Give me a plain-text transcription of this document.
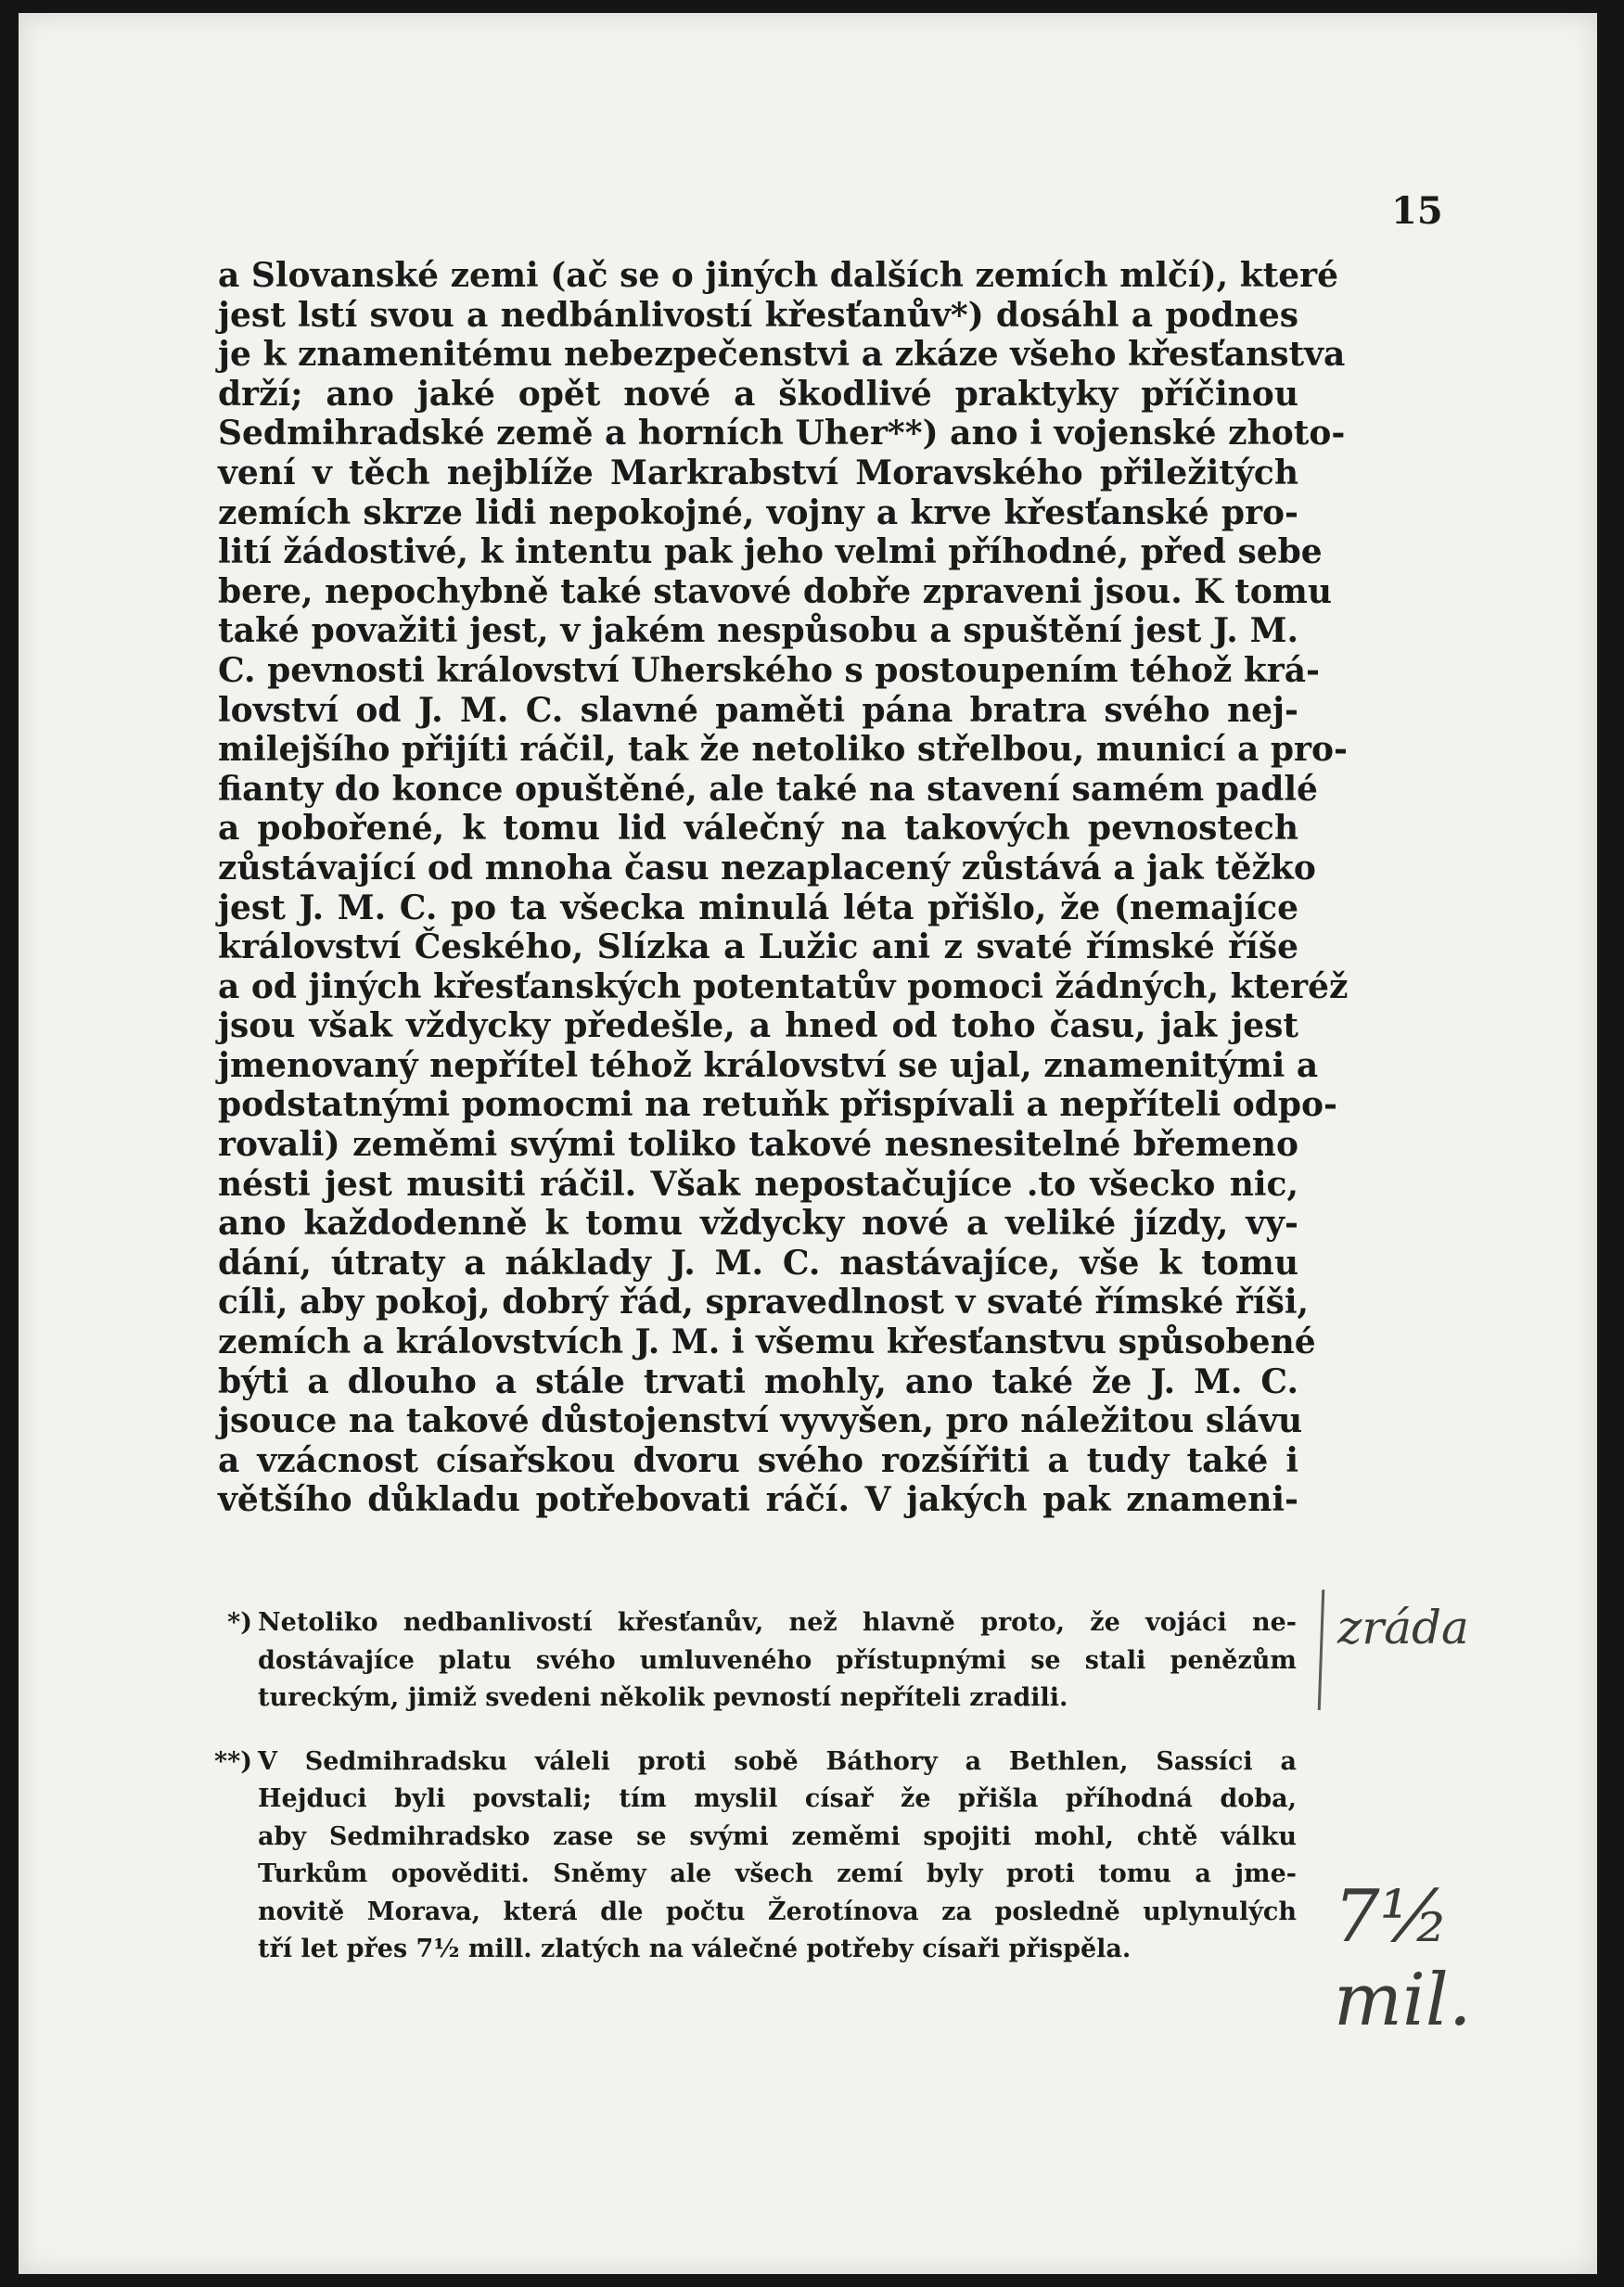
15
a Slovanské zemi (ač se o jiných dalších zemích mlčí), které
jest lstí svou a nedbánlivostí křesťanův*) dosáhl a podnes
je k znamenitému nebezpečenstvi a zkáze všeho křesťanstva
drží; ano jaké opět nové a škodlivé praktyky příčinou
Sedmihradské země a horních Uher**) ano i vojenské zhoto-
vení v těch nejblíže Markrabství Moravského přiležitých
zemích skrze lidi nepokojné, vojny a krve křesťanské pro-
lití žádostivé, k intentu pak jeho velmi příhodné, před sebe
bere, nepochybně také stavové dobře zpraveni jsou. K tomu
také považiti jest, v jakém nespůsobu a spuštění jest J. M.
C. pevnosti království Uherského s postoupením téhož krá-
lovství od J. M. C. slavné paměti pána bratra svého nej-
milejšího přijíti ráčil, tak že netoliko střelbou, municí a pro-
fianty do konce opuštěné, ale také na stavení samém padlé
a pobořené, k tomu lid válečný na takových pevnostech
zůstávající od mnoha času nezaplacený zůstává a jak těžko
jest J. M. C. po ta všecka minulá léta přišlo, že (nemajíce
království Českého, Slízka a Lužic ani z svaté římské říše
a od jiných křesťanských potentatův pomoci žádných, kteréž
jsou však vždycky předešle, a hned od toho času, jak jest
jmenovaný nepřítel téhož království se ujal, znamenitými a
podstatnými pomocmi na retuňk přispívali a nepříteli odpo-
rovali) zeměmi svými toliko takové nesnesitelné břemeno
nésti jest musiti ráčil. Však nepostačujíce .to všecko nic,
ano každodenně k tomu vždycky nové a veliké jízdy, vy-
dání, útraty a náklady J. M. C. nastávajíce, vše k tomu
cíli, aby pokoj, dobrý řád, spravedlnost v svaté římské říši,
zemích a královstvích J. M. i všemu křesťanstvu spůsobené
býti a dlouho a stále trvati mohly, ano také že J. M. C.
jsouce na takové důstojenství vyvyšen, pro náležitou slávu
a vzácnost císařskou dvoru svého rozšířiti a tudy také i
většího důkladu potřebovati ráčí. V jakých pak znameni-
*) Netoliko nedbanlivostí křesťanův, než hlavně proto, že vojáci ne-
dostávajíce platu svého umluveného přístupnými se stali penězům
tureckým, jimiž svedeni několik pevností nepříteli zradili.
**) V Sedmihradsku váleli proti sobě Báthory a Bethlen, Sassíci a
Hejduci byli povstali; tím myslil císař že přišla příhodná doba,
aby Sedmihradsko zase se svými zeměmi spojiti mohl, chtě válku
Turkům opověditi. Sněmy ale všech zemí byly proti tomu a jme-
novitě Morava, která dle počtu Žerotínova za posledně uplynulých
tří let přes 7½ mill. zlatých na válečné potřeby císaři přispěla.
zráda
7½ mil.
